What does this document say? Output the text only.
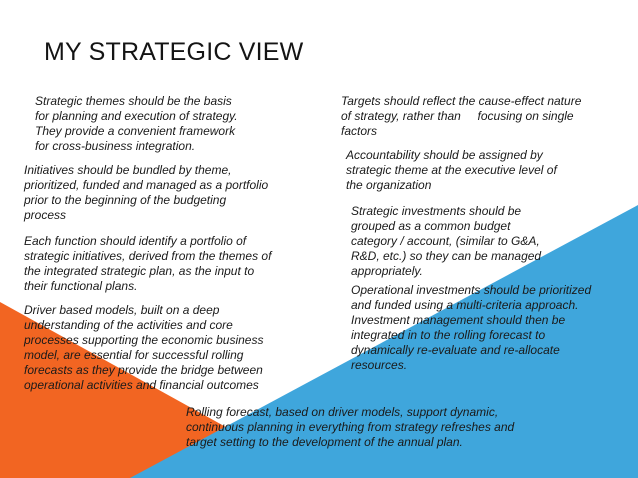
MY STRATEGIC VIEW
Strategic themes should be the basis
for planning and execution of strategy.
They provide a convenient framework
for cross-business integration.
Initiatives should be bundled by theme,
prioritized, funded and managed as a portfolio
prior to the beginning of the budgeting
process
Each function should identify a portfolio of
strategic initiatives, derived from the themes of
the integrated strategic plan, as the input to
their functional plans.
Driver based models, built on a deep
understanding of the activities and core
processes supporting the economic business
model, are essential for successful rolling
forecasts as they provide the bridge between
operational activities and financial outcomes
Targets should reflect the cause-effect nature
of strategy, rather than     focusing on single
factors
Accountability should be assigned by
strategic theme at the executive level of
the organization
Strategic investments should be
grouped as a common budget
category / account, (similar to G&A,
R&D, etc.) so they can be managed
appropriately.
Operational investments should be prioritized
and funded using a multi-criteria approach.
Investment management should then be
integrated in to the rolling forecast to
dynamically re-evaluate and re-allocate
resources.
Rolling forecast, based on driver models, support dynamic,
continuous planning in everything from strategy refreshes and
target setting to the development of the annual plan.
